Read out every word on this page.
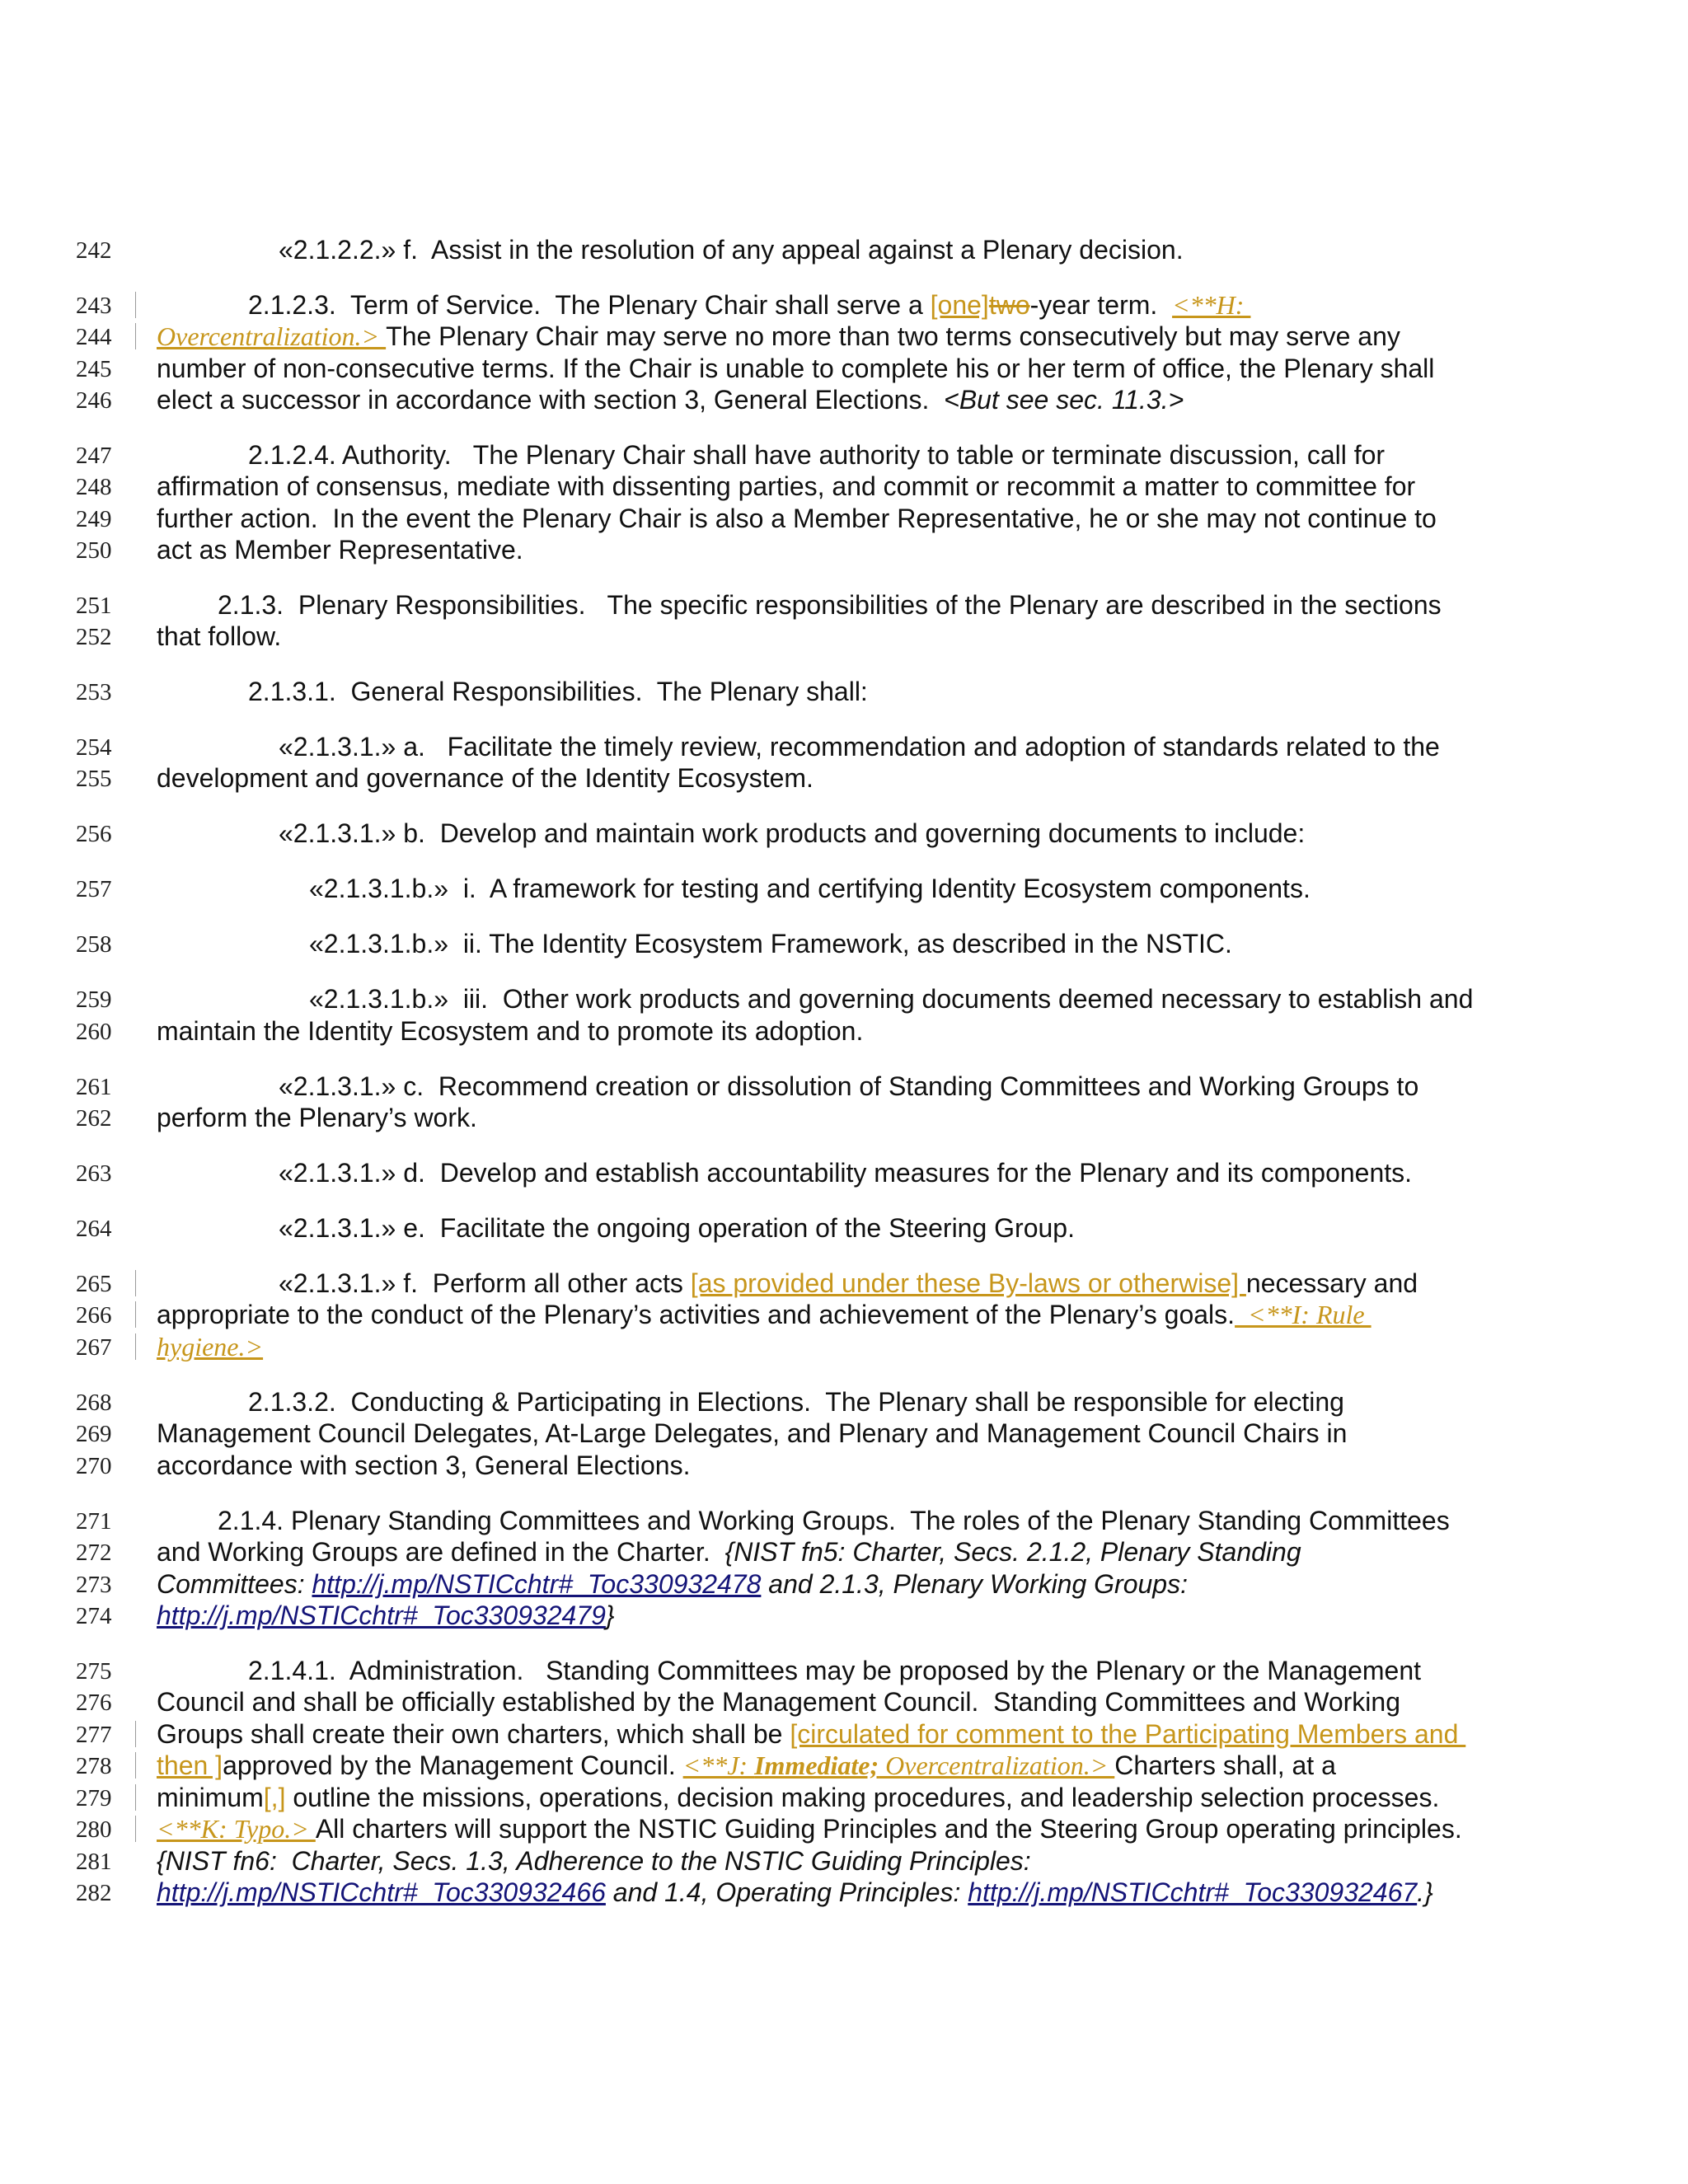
242	«2.1.2.2.» f.  Assist in the resolution of any appeal against a Plenary decision.
243	2.1.2.3.  Term of Service.  The Plenary Chair shall serve a [one]two-year term.  <**H:
244 Overcentralization.> The Plenary Chair may serve no more than two terms consecutively but may serve any
245 number of non-consecutive terms. If the Chair is unable to complete his or her term of office, the Plenary shall
246 elect a successor in accordance with section 3, General Elections.  <But see sec. 11.3.>
247	2.1.2.4. Authority.   The Plenary Chair shall have authority to table or terminate discussion, call for
248 affirmation of consensus, mediate with dissenting parties, and commit or recommit a matter to committee for
249 further action.  In the event the Plenary Chair is also a Member Representative, he or she may not continue to
250 act as Member Representative.
251	2.1.3.  Plenary Responsibilities.   The specific responsibilities of the Plenary are described in the sections
252 that follow.
253	2.1.3.1.  General Responsibilities.  The Plenary shall:
254	«2.1.3.1.» a.   Facilitate the timely review, recommendation and adoption of standards related to the
255 development and governance of the Identity Ecosystem.
256	«2.1.3.1.» b.  Develop and maintain work products and governing documents to include:
257	«2.1.3.1.b.»  i.  A framework for testing and certifying Identity Ecosystem components.
258	«2.1.3.1.b.»  ii. The Identity Ecosystem Framework, as described in the NSTIC.
259	«2.1.3.1.b.»  iii.  Other work products and governing documents deemed necessary to establish and
260 maintain the Identity Ecosystem and to promote its adoption.
261	«2.1.3.1.» c.  Recommend creation or dissolution of Standing Committees and Working Groups to
262 perform the Plenary’s work.
263	«2.1.3.1.» d.  Develop and establish accountability measures for the Plenary and its components.
264	«2.1.3.1.» e.  Facilitate the ongoing operation of the Steering Group.
265	«2.1.3.1.» f.  Perform all other acts [as provided under these By-laws or otherwise] necessary and
266 appropriate to the conduct of the Plenary’s activities and achievement of the Plenary’s goals.  <**I: Rule
267 hygiene.>
268	2.1.3.2.  Conducting & Participating in Elections.  The Plenary shall be responsible for electing
269 Management Council Delegates, At-Large Delegates, and Plenary and Management Council Chairs in
270 accordance with section 3, General Elections.
271	2.1.4. Plenary Standing Committees and Working Groups.  The roles of the Plenary Standing Committees
272 and Working Groups are defined in the Charter.  {NIST fn5: Charter, Secs. 2.1.2, Plenary Standing
273 Committees: http://j.mp/NSTICchtr#_Toc330932478 and 2.1.3, Plenary Working Groups:
274 http://j.mp/NSTICchtr#_Toc330932479}
275	2.1.4.1.  Administration.   Standing Committees may be proposed by the Plenary or the Management
276 Council and shall be officially established by the Management Council.  Standing Committees and Working
277 Groups shall create their own charters, which shall be [circulated for comment to the Participating Members and
278 then ]approved by the Management Council. <**J: Immediate; Overcentralization.> Charters shall, at a
279 minimum[,] outline the missions, operations, decision making procedures, and leadership selection processes.
280 <**K: Typo.> All charters will support the NSTIC Guiding Principles and the Steering Group operating principles.
281 {NIST fn6:  Charter, Secs. 1.3, Adherence to the NSTIC Guiding Principles:
282 http://j.mp/NSTICchtr#_Toc330932466 and 1.4, Operating Principles: http://j.mp/NSTICchtr#_Toc330932467.}
